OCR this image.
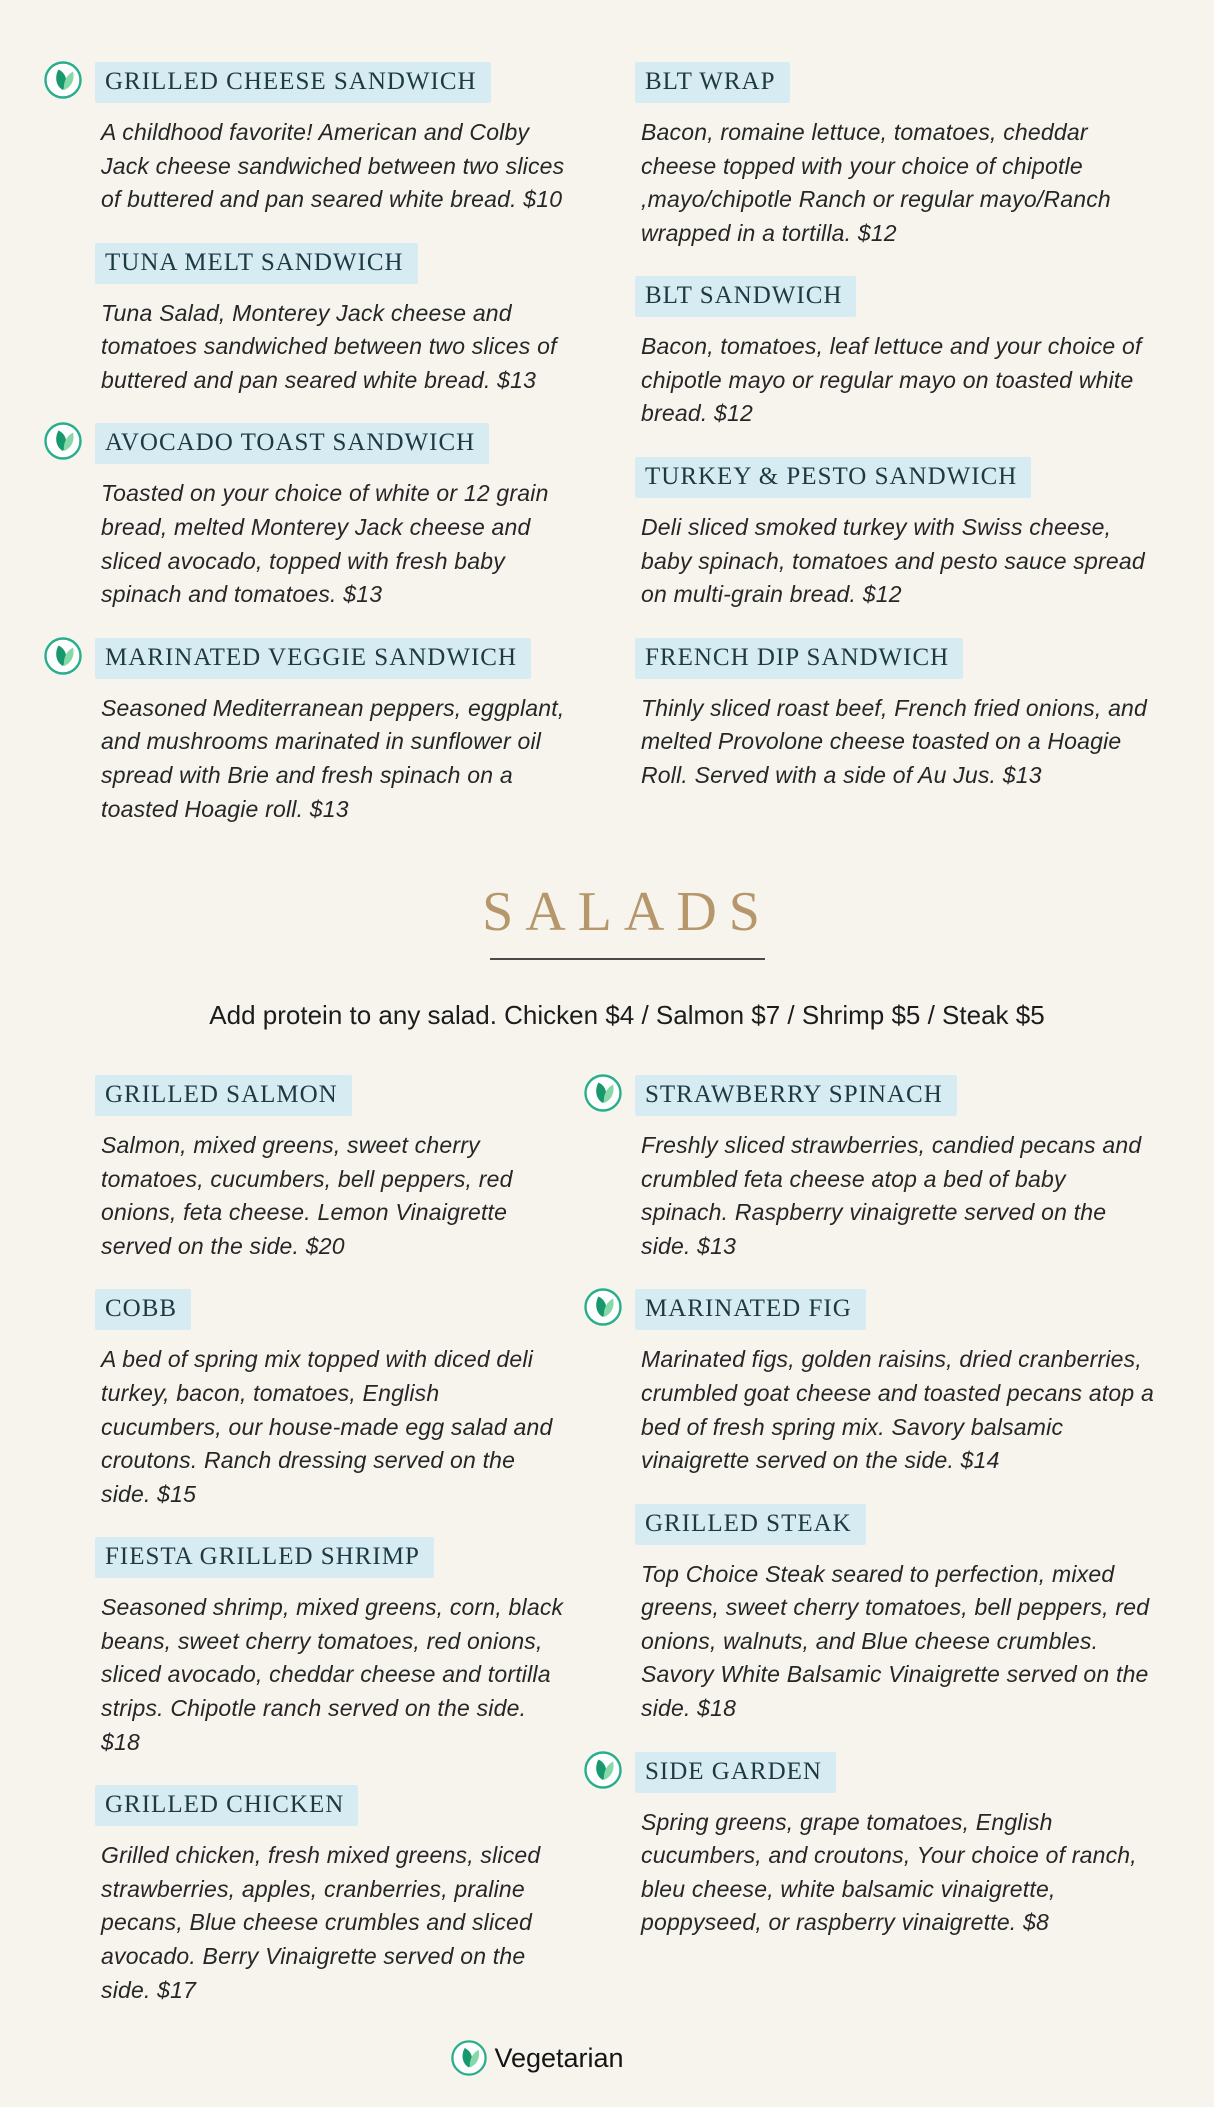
GRILLED CHEESE SANDWICH

A childhood favorite! American and Colby Jack cheese sandwiched between two slices of buttered and pan seared white bread. $10

TUNA MELT SANDWICH

Tuna Salad, Monterey Jack cheese and tomatoes sandwiched between two slices of buttered and pan seared white bread. $13

AVOCADO TOAST SANDWICH

Toasted on your choice of white or 12 grain bread, melted Monterey Jack cheese and sliced avocado, topped with fresh baby spinach and tomatoes. $13

MARINATED VEGGIE SANDWICH

Seasoned Mediterranean peppers, eggplant, and mushrooms marinated in sunflower oil spread with Brie and fresh spinach on a toasted Hoagie roll. $13

BLT WRAP

Bacon, romaine lettuce, tomatoes, cheddar cheese topped with your choice of chipotle ,mayo/chipotle Ranch or regular mayo/Ranch wrapped in a tortilla. $12

BLT SANDWICH

Bacon, tomatoes, leaf lettuce and your choice of chipotle mayo or regular mayo on toasted white bread. $12

TURKEY & PESTO SANDWICH

Deli sliced smoked turkey with Swiss cheese, baby spinach, tomatoes and pesto sauce spread on multi-grain bread. $12

FRENCH DIP SANDWICH

Thinly sliced roast beef, French fried onions, and melted Provolone cheese toasted on a Hoagie Roll. Served with a side of Au Jus. $13

SALADS
Add protein to any salad. Chicken $4 / Salmon $7 / Shrimp $5 / Steak $5
GRILLED SALMON

Salmon, mixed greens, sweet cherry tomatoes, cucumbers, bell peppers, red onions, feta cheese. Lemon Vinaigrette served on the side. $20

COBB

A bed of spring mix topped with diced deli turkey, bacon, tomatoes, English cucumbers, our house-made egg salad and croutons. Ranch dressing served on the side. $15

FIESTA GRILLED SHRIMP

Seasoned shrimp, mixed greens, corn, black beans, sweet cherry tomatoes, red onions, sliced avocado, cheddar cheese and tortilla strips. Chipotle ranch served on the side. $18

GRILLED CHICKEN

Grilled chicken, fresh mixed greens, sliced strawberries, apples, cranberries, praline pecans, Blue cheese crumbles and sliced avocado. Berry Vinaigrette served on the side. $17

STRAWBERRY SPINACH

Freshly sliced strawberries, candied pecans and crumbled feta cheese atop a bed of baby spinach. Raspberry vinaigrette served on the side. $13

MARINATED FIG

Marinated figs, golden raisins, dried cranberries, crumbled goat cheese and toasted pecans atop a bed of fresh spring mix. Savory balsamic vinaigrette served on the side. $14

GRILLED STEAK

Top Choice Steak seared to perfection, mixed greens, sweet cherry tomatoes, bell peppers, red onions, walnuts, and Blue cheese crumbles. Savory White Balsamic Vinaigrette served on the side. $18

SIDE GARDEN

Spring greens, grape tomatoes, English cucumbers, and croutons, Your choice of ranch, bleu cheese, white balsamic vinaigrette, poppyseed, or raspberry vinaigrette. $8

Vegetarian
